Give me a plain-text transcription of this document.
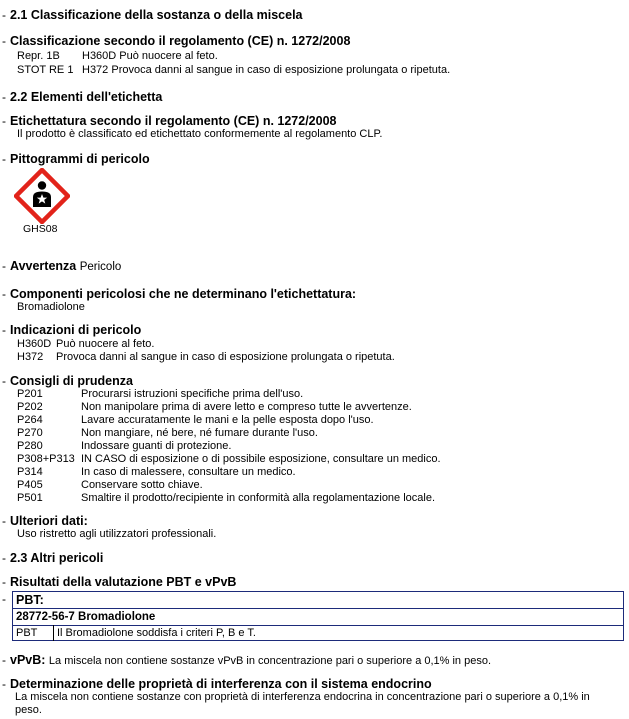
- 2.1 Classificazione della sostanza o della miscela
- Classificazione secondo il regolamento (CE) n. 1272/2008
Repr. 1B H360D Può nuocere al feto.
STOT RE 1 H372 Provoca danni al sangue in caso di esposizione prolungata o ripetuta.
- 2.2 Elementi dell'etichetta
- Etichettatura secondo il regolamento (CE) n. 1272/2008
Il prodotto è classificato ed etichettato conformemente al regolamento CLP.
- Pittogrammi di pericolo
GHS08
- Avvertenza Pericolo
- Componenti pericolosi che ne determinano l'etichettatura:
Bromadiolone
- Indicazioni di pericolo
H360D Può nuocere al feto.
H372 Provoca danni al sangue in caso di esposizione prolungata o ripetuta.
- Consigli di prudenza
P201	Procurarsi istruzioni specifiche prima dell'uso.
P202	Non manipolare prima di avere letto e compreso tutte le avvertenze.
P264	Lavare accuratamente le mani e la pelle esposta dopo l'uso.
P270	Non mangiare, né bere, né fumare durante l'uso.
P280	Indossare guanti di protezione.
P308+P313 IN CASO di esposizione o di possibile esposizione, consultare un medico.
P314	In caso di malessere, consultare un medico.
P405	Conservare sotto chiave.
P501	Smaltire il prodotto/recipiente in conformità alla regolamentazione locale.
- Ulteriori dati:
Uso ristretto agli utilizzatori professionali.
- 2.3 Altri pericoli
- Risultati della valutazione PBT e vPvB
- PBT:
28772-56-7 Bromadiolone
PBT Il Bromadiolone soddisfa i criteri P, B e T.
- vPvB: La miscela non contiene sostanze vPvB in concentrazione pari o superiore a 0,1% in peso.
- Determinazione delle proprietà di interferenza con il sistema endocrino
La miscela non contiene sostanze con proprietà di interferenza endocrina in concentrazione pari o superiore a 0,1% in
peso.
